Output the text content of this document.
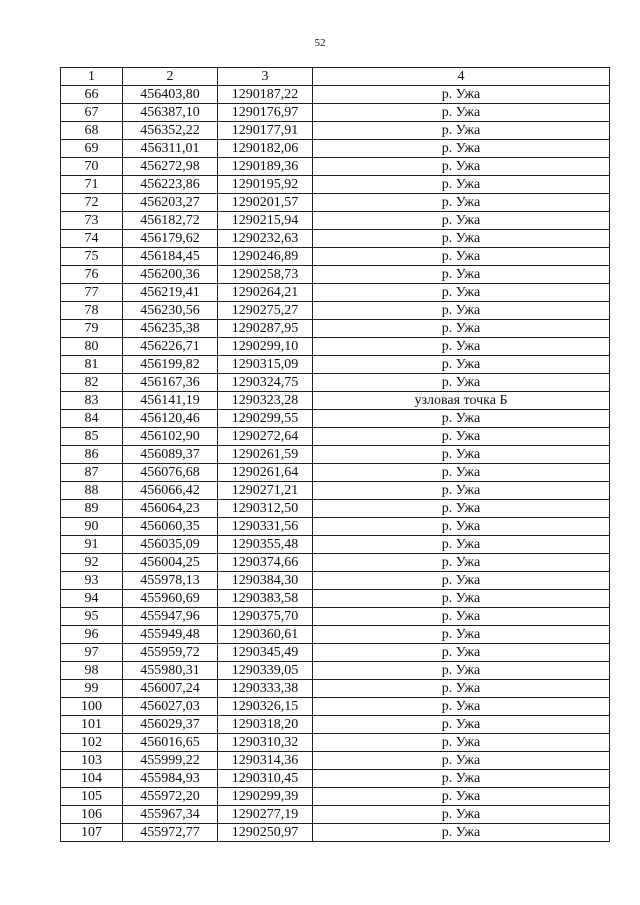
52
1	2	3	4
66	456403,80	1290187,22	р. Ужа
67	456387,10	1290176,97	р. Ужа
68	456352,22	1290177,91	р. Ужа
69	456311,01	1290182,06	р. Ужа
70	456272,98	1290189,36	р. Ужа
71	456223,86	1290195,92	р. Ужа
72	456203,27	1290201,57	р. Ужа
73	456182,72	1290215,94	р. Ужа
74	456179,62	1290232,63	р. Ужа
75	456184,45	1290246,89	р. Ужа
76	456200,36	1290258,73	р. Ужа
77	456219,41	1290264,21	р. Ужа
78	456230,56	1290275,27	р. Ужа
79	456235,38	1290287,95	р. Ужа
80	456226,71	1290299,10	р. Ужа
81	456199,82	1290315,09	р. Ужа
82	456167,36	1290324,75	р. Ужа
83	456141,19	1290323,28	узловая точка Б
84	456120,46	1290299,55	р. Ужа
85	456102,90	1290272,64	р. Ужа
86	456089,37	1290261,59	р. Ужа
87	456076,68	1290261,64	р. Ужа
88	456066,42	1290271,21	р. Ужа
89	456064,23	1290312,50	р. Ужа
90	456060,35	1290331,56	р. Ужа
91	456035,09	1290355,48	р. Ужа
92	456004,25	1290374,66	р. Ужа
93	455978,13	1290384,30	р. Ужа
94	455960,69	1290383,58	р. Ужа
95	455947,96	1290375,70	р. Ужа
96	455949,48	1290360,61	р. Ужа
97	455959,72	1290345,49	р. Ужа
98	455980,31	1290339,05	р. Ужа
99	456007,24	1290333,38	р. Ужа
100	456027,03	1290326,15	р. Ужа
101	456029,37	1290318,20	р. Ужа
102	456016,65	1290310,32	р. Ужа
103	455999,22	1290314,36	р. Ужа
104	455984,93	1290310,45	р. Ужа
105	455972,20	1290299,39	р. Ужа
106	455967,34	1290277,19	р. Ужа
107	455972,77	1290250,97	р. Ужа
